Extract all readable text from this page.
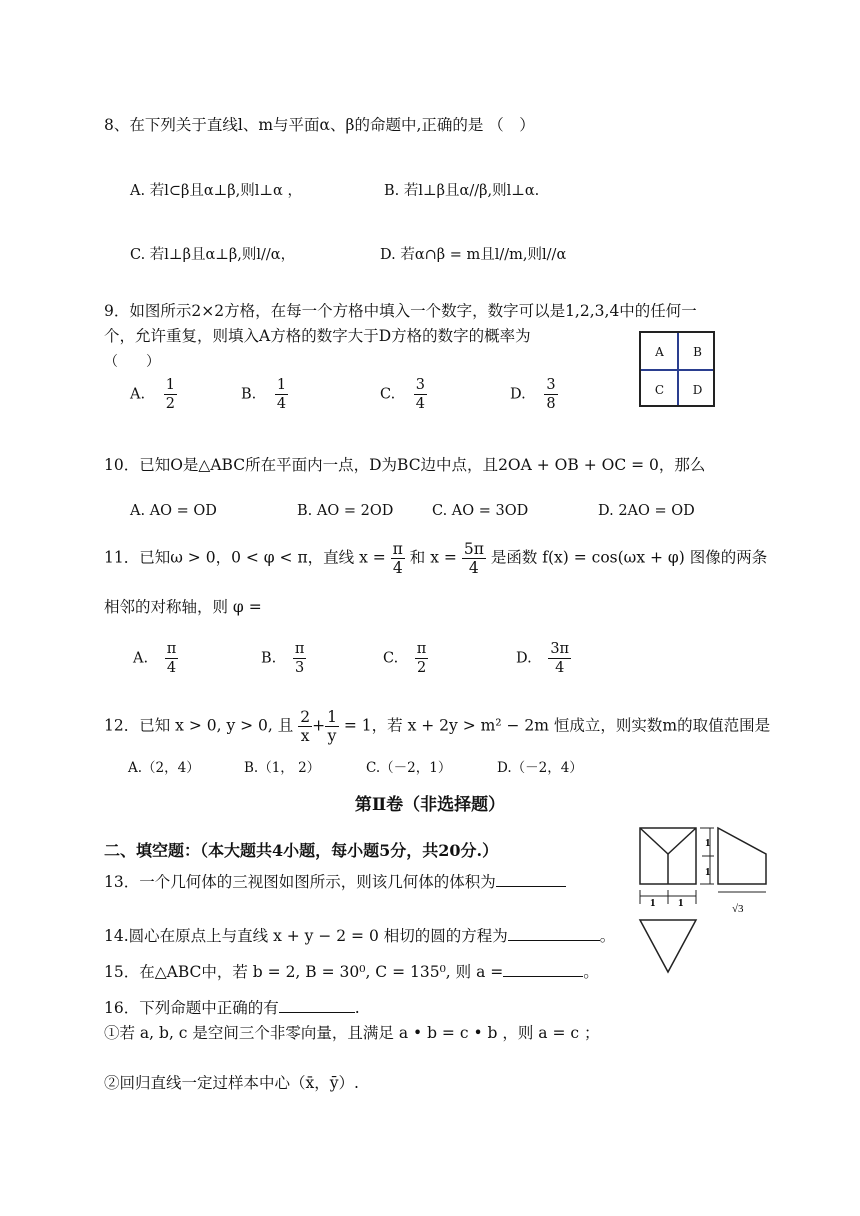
8、在下列关于直线l、m与平面α、β的命题中,正确的是 （　）
A. 若l⊂β且α⊥β,则l⊥α ，	B. 若l⊥β且α//β,则l⊥α.
C. 若l⊥β且α⊥β,则l//α，	D. 若α∩β = m且l//m,则l//α
9．如图所示2×2方格，在每一个方格中填入一个数字，数字可以是1,2,3,4中的任何一
个，允许重复，则填入A方格的数字大于D方格的数字的概率为
（　　）
A	B
C	D
A. $\frac{1}{2}$	B. $\frac{1}{4}$	C. $\frac{3}{4}$	D. $\frac{3}{8}$
10．已知O是△ABC所在平面内一点，D为BC边中点，且2OA + OB + OC = 0，那么
A. AO = OD	B. AO = 2OD	C. AO = 3OD	D. 2AO = OD
11．已知ω > 0，0 < φ < π，直线 $x = \frac{\pi}{4}$ 和 $x = \frac{5\pi}{4}$ 是函数 f(x) = cos(ωx + φ) 图像的两条
相邻的对称轴，则 φ =
A. $\frac{\pi}{4}$	B. $\frac{\pi}{3}$	C. $\frac{\pi}{2}$	D. $\frac{3\pi}{4}$
12．已知 x > 0, y > 0, 且 $\frac{2}{x} + \frac{1}{y} = 1$，若 x + 2y > m² − 2m 恒成立，则实数m的取值范围是
A.（2，4）	B.（1， 2）	C.（－2，1）	D.（－2，4）
第Ⅱ卷（非选择题）
二、填空题：（本大题共4小题，每小题5分，共20分.）
13．一个几何体的三视图如图所示，则该几何体的体积为
14.圆心在原点上与直线 x + y − 2 = 0 相切的圆的方程为	。
15．在△ABC中，若 b = 2, B = 30⁰, C = 135⁰, 则 a =	。
16．下列命题中正确的有	.
①若 a, b, c 是空间三个非零向量，且满足 a • b = c • b ，则 a = c ；
②回归直线一定过样本中心（x̄，ȳ）.
1
1
1 1	√3
